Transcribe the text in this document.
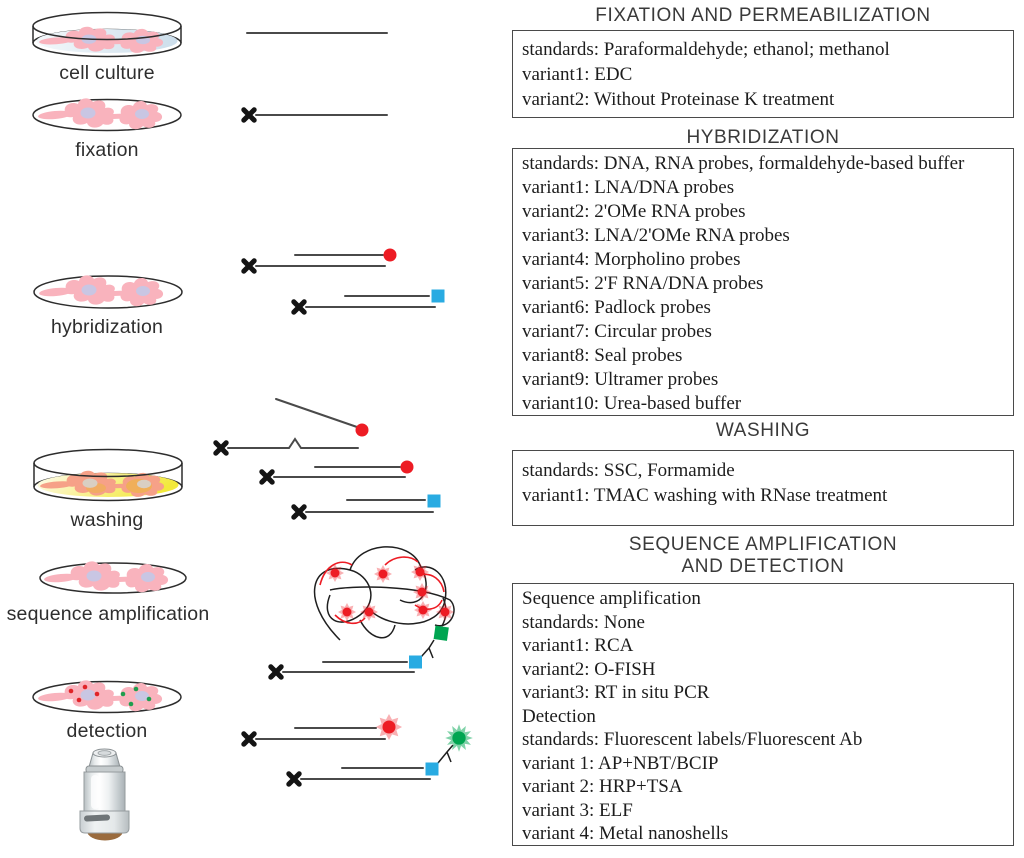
cell culture
fixation
hybridization
washing
sequence amplification
detection
FIXATION AND PERMEABILIZATION
standards: Paraformaldehyde; ethanol; methanol
variant1: EDC
variant2: Without Proteinase K treatment
HYBRIDIZATION
standards: DNA, RNA probes, formaldehyde-based buffer
variant1: LNA/DNA probes
variant2: 2'OMe RNA probes
variant3: LNA/2'OMe RNA probes
variant4: Morpholino probes
variant5: 2'F RNA/DNA probes
variant6: Padlock probes
variant7: Circular probes
variant8: Seal probes
variant9: Ultramer probes
variant10: Urea-based buffer
WASHING
standards: SSC, Formamide
variant1: TMAC washing with RNase treatment
SEQUENCE AMPLIFICATION
AND DETECTION
Sequence amplification
standards: None
variant1: RCA
variant2: O-FISH
variant3: RT in situ PCR
Detection
standards: Fluorescent labels/Fluorescent Ab
variant 1: AP+NBT/BCIP
variant 2: HRP+TSA
variant 3: ELF
variant 4: Metal nanoshells
